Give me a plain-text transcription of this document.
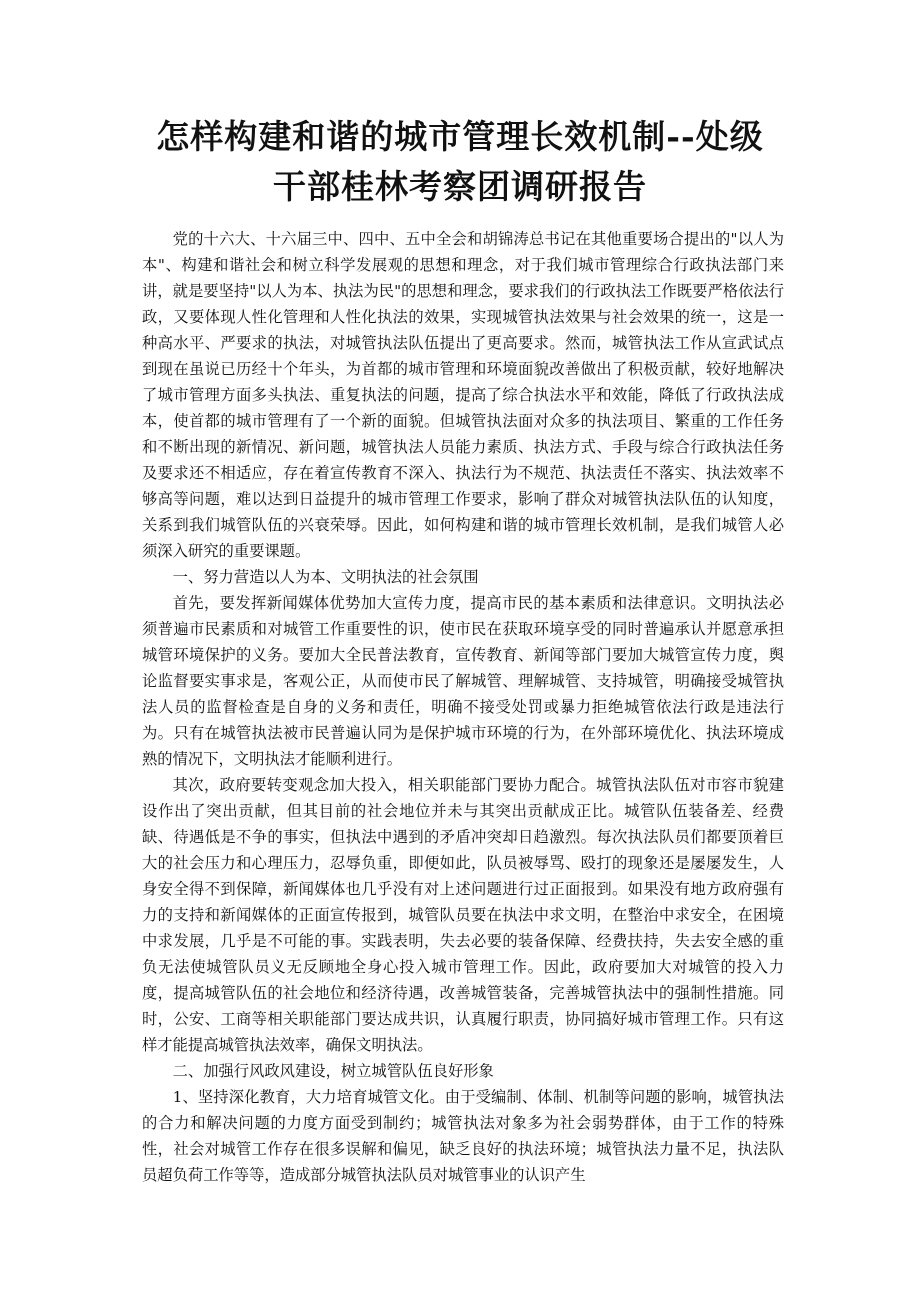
怎样构建和谐的城市管理长效机制--处级
干部桂林考察团调研报告

党的十六大、十六届三中、四中、五中全会和胡锦涛总书记在其他重要场合提出的"以人为本"、构建和谐社会和树立科学发展观的思想和理念，对于我们城市管理综合行政执法部门来讲，就是要坚持"以人为本、执法为民"的思想和理念，要求我们的行政执法工作既要严格依法行政，又要体现人性化管理和人性化执法的效果，实现城管执法效果与社会效果的统一，这是一种高水平、严要求的执法，对城管执法队伍提出了更高要求。然而，城管执法工作从宣武试点到现在虽说已历经十个年头，为首都的城市管理和环境面貌改善做出了积极贡献，较好地解决了城市管理方面多头执法、重复执法的问题，提高了综合执法水平和效能，降低了行政执法成本，使首都的城市管理有了一个新的面貌。但城管执法面对众多的执法项目、繁重的工作任务和不断出现的新情况、新问题，城管执法人员能力素质、执法方式、手段与综合行政执法任务及要求还不相适应，存在着宣传教育不深入、执法行为不规范、执法责任不落实、执法效率不够高等问题，难以达到日益提升的城市管理工作要求，影响了群众对城管执法队伍的认知度，关系到我们城管队伍的兴衰荣辱。因此，如何构建和谐的城市管理长效机制，是我们城管人必须深入研究的重要课题。

一、努力营造以人为本、文明执法的社会氛围

首先，要发挥新闻媒体优势加大宣传力度，提高市民的基本素质和法律意识。文明执法必须普遍市民素质和对城管工作重要性的识，使市民在获取环境享受的同时普遍承认并愿意承担城管环境保护的义务。要加大全民普法教育，宣传教育、新闻等部门要加大城管宣传力度，舆论监督要实事求是，客观公正，从而使市民了解城管、理解城管、支持城管，明确接受城管执法人员的监督检查是自身的义务和责任，明确不接受处罚或暴力拒绝城管依法行政是违法行为。只有在城管执法被市民普遍认同为是保护城市环境的行为，在外部环境优化、执法环境成熟的情况下，文明执法才能顺利进行。

其次，政府要转变观念加大投入，相关职能部门要协力配合。城管执法队伍对市容市貌建设作出了突出贡献，但其目前的社会地位并未与其突出贡献成正比。城管队伍装备差、经费缺、待遇低是不争的事实，但执法中遇到的矛盾冲突却日趋激烈。每次执法队员们都要顶着巨大的社会压力和心理压力，忍辱负重，即便如此，队员被辱骂、殴打的现象还是屡屡发生，人身安全得不到保障，新闻媒体也几乎没有对上述问题进行过正面报到。如果没有地方政府强有力的支持和新闻媒体的正面宣传报到，城管队员要在执法中求文明，在整治中求安全，在困境中求发展，几乎是不可能的事。实践表明，失去必要的装备保障、经费扶持，失去安全感的重负无法使城管队员义无反顾地全身心投入城市管理工作。因此，政府要加大对城管的投入力度，提高城管队伍的社会地位和经济待遇，改善城管装备，完善城管执法中的强制性措施。同时，公安、工商等相关职能部门要达成共识，认真履行职责，协同搞好城市管理工作。只有这样才能提高城管执法效率，确保文明执法。

二、加强行风政风建设，树立城管队伍良好形象

1、坚持深化教育，大力培育城管文化。由于受编制、体制、机制等问题的影响，城管执法的合力和解决问题的力度方面受到制约；城管执法对象多为社会弱势群体，由于工作的特殊性，社会对城管工作存在很多误解和偏见，缺乏良好的执法环境；城管执法力量不足，执法队员超负荷工作等等，造成部分城管执法队员对城管事业的认识产生
